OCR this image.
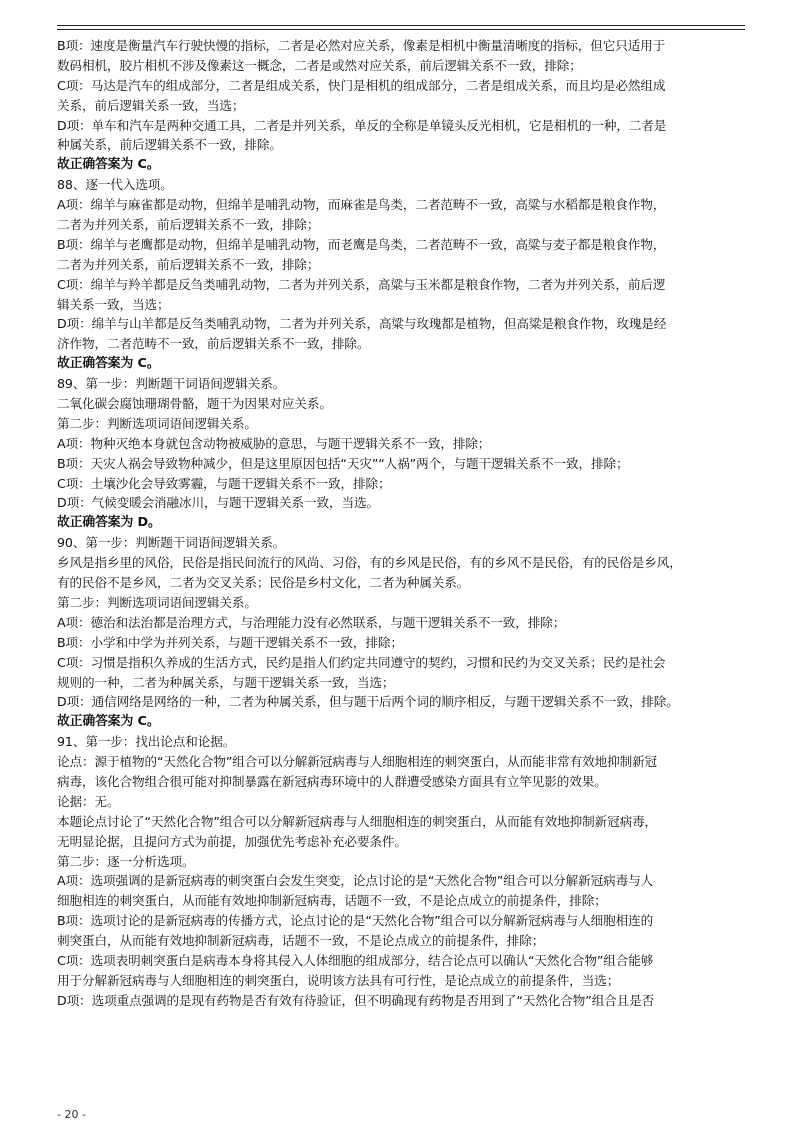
B项：速度是衡量汽车行驶快慢的指标，二者是必然对应关系，像素是相机中衡量清晰度的指标，但它只适用于
数码相机，胶片相机不涉及像素这一概念，二者是或然对应关系，前后逻辑关系不一致，排除；
C项：马达是汽车的组成部分，二者是组成关系，快门是相机的组成部分，二者是组成关系，而且均是必然组成
关系，前后逻辑关系一致，当选；
D项：单车和汽车是两种交通工具，二者是并列关系，单反的全称是单镜头反光相机，它是相机的一种，二者是
种属关系，前后逻辑关系不一致，排除。
故正确答案为 C。
88、逐一代入选项。
A项：绵羊与麻雀都是动物，但绵羊是哺乳动物，而麻雀是鸟类，二者范畴不一致，高粱与水稻都是粮食作物，
二者为并列关系，前后逻辑关系不一致，排除；
B项：绵羊与老鹰都是动物，但绵羊是哺乳动物，而老鹰是鸟类，二者范畴不一致，高粱与麦子都是粮食作物，
二者为并列关系，前后逻辑关系不一致，排除；
C项：绵羊与羚羊都是反刍类哺乳动物，二者为并列关系，高粱与玉米都是粮食作物，二者为并列关系，前后逻
辑关系一致，当选；
D项：绵羊与山羊都是反刍类哺乳动物，二者为并列关系，高粱与玫瑰都是植物，但高粱是粮食作物，玫瑰是经
济作物，二者范畴不一致，前后逻辑关系不一致，排除。
故正确答案为 C。
89、第一步：判断题干词语间逻辑关系。
二氧化碳会腐蚀珊瑚骨骼，题干为因果对应关系。
第二步：判断选项词语间逻辑关系。
A项：物种灭绝本身就包含动物被威胁的意思，与题干逻辑关系不一致，排除；
B项：天灾人祸会导致物种减少，但是这里原因包括“天灾”“人祸”两个，与题干逻辑关系不一致，排除；
C项：土壤沙化会导致雾霾，与题干逻辑关系不一致，排除；
D项：气候变暖会消融冰川，与题干逻辑关系一致，当选。
故正确答案为 D。
90、第一步：判断题干词语间逻辑关系。
乡风是指乡里的风俗，民俗是指民间流行的风尚、习俗，有的乡风是民俗，有的乡风不是民俗，有的民俗是乡风，
有的民俗不是乡风，二者为交叉关系；民俗是乡村文化，二者为种属关系。
第二步：判断选项词语间逻辑关系。
A项：德治和法治都是治理方式，与治理能力没有必然联系，与题干逻辑关系不一致，排除；
B项：小学和中学为并列关系，与题干逻辑关系不一致，排除；
C项：习惯是指积久养成的生活方式，民约是指人们约定共同遵守的契约，习惯和民约为交叉关系；民约是社会
规则的一种，二者为种属关系，与题干逻辑关系一致，当选；
D项：通信网络是网络的一种，二者为种属关系，但与题干后两个词的顺序相反，与题干逻辑关系不一致，排除。
故正确答案为 C。
91、第一步：找出论点和论据。
论点：源于植物的“天然化合物”组合可以分解新冠病毒与人细胞相连的刺突蛋白，从而能非常有效地抑制新冠
病毒，该化合物组合很可能对抑制暴露在新冠病毒环境中的人群遭受感染方面具有立竿见影的效果。
论据：无。
本题论点讨论了“天然化合物”组合可以分解新冠病毒与人细胞相连的刺突蛋白，从而能有效地抑制新冠病毒，
无明显论据，且提问方式为前提，加强优先考虑补充必要条件。
第二步：逐一分析选项。
A项：选项强调的是新冠病毒的刺突蛋白会发生突变，论点讨论的是“天然化合物”组合可以分解新冠病毒与人
细胞相连的刺突蛋白，从而能有效地抑制新冠病毒，话题不一致，不是论点成立的前提条件，排除；
B项：选项讨论的是新冠病毒的传播方式，论点讨论的是“天然化合物”组合可以分解新冠病毒与人细胞相连的
刺突蛋白，从而能有效地抑制新冠病毒，话题不一致，不是论点成立的前提条件，排除；
C项：选项表明刺突蛋白是病毒本身将其侵入人体细胞的组成部分，结合论点可以确认“天然化合物”组合能够
用于分解新冠病毒与人细胞相连的刺突蛋白，说明该方法具有可行性，是论点成立的前提条件，当选；
D项：选项重点强调的是现有药物是否有效有待验证，但不明确现有药物是否用到了“天然化合物”组合且是否
- 20 -
